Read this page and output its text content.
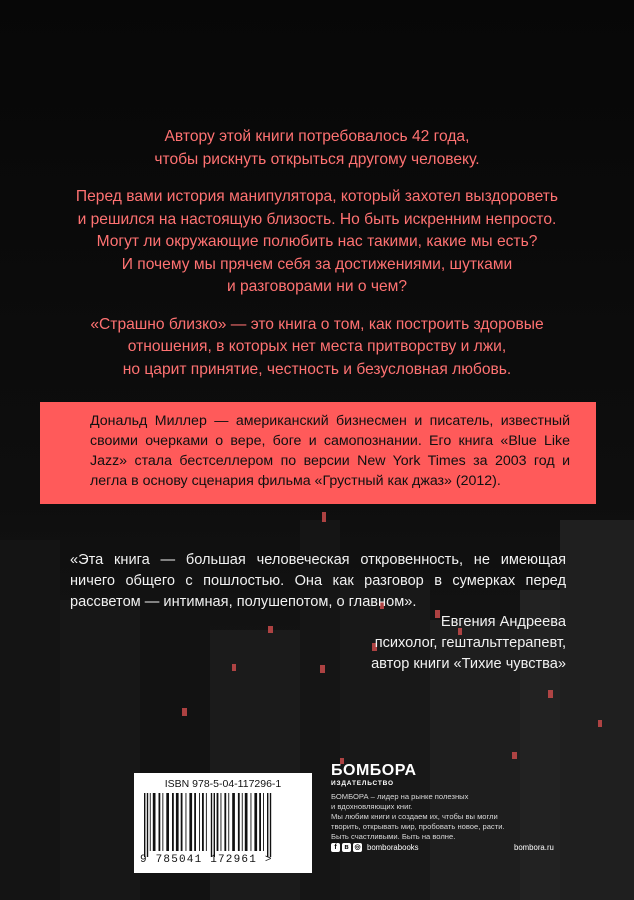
Автору этой книги потребовалось 42 года,
чтобы рискнуть открыться другому человеку.

Перед вами история манипулятора, который захотел выздороветь
и решился на настоящую близость. Но быть искренним непросто.
Могут ли окружающие полюбить нас такими, какие мы есть?
И почему мы прячем себя за достижениями, шутками
и разговорами ни о чем?

«Страшно близко» — это книга о том, как построить здоровые
отношения, в которых нет места притворству и лжи,
но царит принятие, честность и безусловная любовь.

Дональд Миллер — американский бизнесмен и писатель, известный своими очерками о вере, боге и самопознании. Его книга «Blue Like Jazz» стала бестселлером по версии New York Times за 2003 год и легла в основу сценария фильма «Грустный как джаз» (2012).
«Эта книга — большая человеческая откровенность, не имеющая ничего общего с пошлостью. Она как разговор в сумерках перед рассветом — интимная, полушепотом, о главном».
Евгения Андреева
психолог, гештальттерапевт,
автор книги «Тихие чувства»
ISBN 978-5-04-117296-1
9 785041 172961 >
БОМБОРА
ИЗДАТЕЛЬСТВО
БОМБОРА – лидер на рынке полезных
и вдохновляющих книг.
Мы любим книги и создаем их, чтобы вы могли
творить, открывать мир, пробовать новое, расти.
Быть счастливыми. Быть на волне.
f	в ◎ bomborabooks	bombora.ru
